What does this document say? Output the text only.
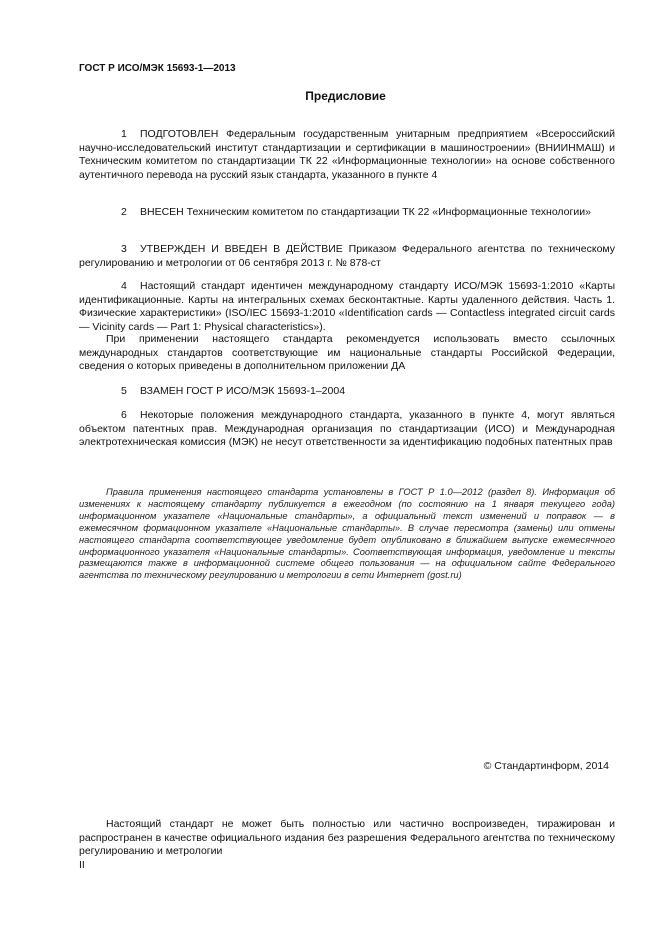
ГОСТ Р ИСО/МЭК 15693-1—2013
Предисловие

1 ПОДГОТОВЛЕН Федеральным государственным унитарным предприятием «Всероссийский научно-исследовательский институт стандартизации и сертификации в машиностроении» (ВНИИНМАШ) и Техническим комитетом по стандартизации ТК 22 «Информационные технологии» на основе собственного аутентичного перевода на русский язык стандарта, указанного в пункте 4

2 ВНЕСЕН Техническим комитетом по стандартизации ТК 22 «Информационные технологии»

3 УТВЕРЖДЕН И ВВЕДЕН В ДЕЙСТВИЕ Приказом Федерального агентства по техническому регулированию и метрологии от 06 сентября 2013 г. № 878-ст

4 Настоящий стандарт идентичен международному стандарту ИСО/МЭК 15693-1:2010 «Карты идентификационные. Карты на интегральных схемах бесконтактные. Карты удаленного действия. Часть 1. Физические характеристики» (ISO/IEC 15693-1:2010 «Identification cards — Contactless integrated circuit cards — Vicinity cards — Part 1: Physical characteristics»).

При применении настоящего стандарта рекомендуется использовать вместо ссылочных международных стандартов соответствующие им национальные стандарты Российской Федерации, сведения о которых приведены в дополнительном приложении ДА

5 ВЗАМЕН ГОСТ Р ИСО/МЭК 15693-1–2004

6 Некоторые положения международного стандарта, указанного в пункте 4, могут являться объектом патентных прав. Международная организация по стандартизации (ИСО) и Международная электротехническая комиссия (МЭК) не несут ответственности за идентификацию подобных патентных прав

Правила применения настоящего стандарта установлены в ГОСТ Р 1.0—2012 (раздел 8). Информация об изменениях к настоящему стандарту публикуется в ежегодном (по состоянию на 1 января текущего года) информационном указателе «Национальные стандарты», а официальный текст изменений и поправок — в ежемесячном формационном указателе «Национальные стандарты». В случае пересмотра (замены) или отмены настоящего стандарта соответствующее уведомление будет опубликовано в ближайшем выпуске ежемесячного информационного указателя «Национальные стандарты». Соответствующая информация, уведомление и тексты размещаются также в информационной системе общего пользования — на официальном сайте Федерального агентства по техническому регулированию и метрологии в сети Интернет (gost.ru)

© Стандартинформ, 2014

Настоящий стандарт не может быть полностью или частично воспроизведен, тиражирован и распространен в качестве официального издания без разрешения Федерального агентства по техническому регулированию и метрологии

II
